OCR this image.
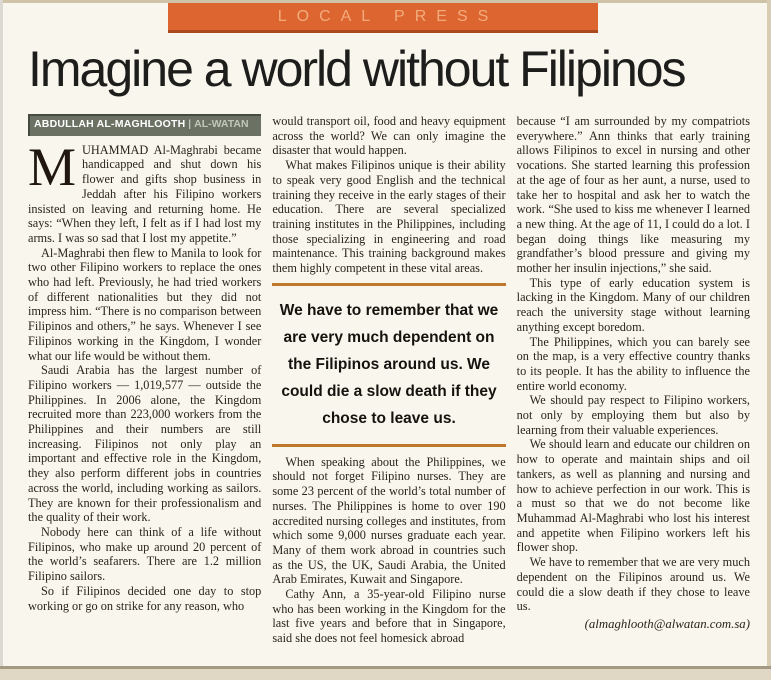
LOCAL PRESS
Imagine a world without Filipinos
ABDULLAH AL-MAGHLOOTH | AL-WATAN

MUHAMMAD Al-Maghrabi became handicapped and shut down his flower and gifts shop business in Jeddah after his Filipino workers insisted on leaving and returning home. He says: “When they left, I felt as if I had lost my arms. I was so sad that I lost my appetite.”

Al-Maghrabi then flew to Manila to look for two other Filipino workers to replace the ones who had left. Previously, he had tried workers of different nationalities but they did not impress him. “There is no comparison between Filipinos and others,” he says. Whenever I see Filipinos working in the Kingdom, I wonder what our life would be without them.

Saudi Arabia has the largest number of Filipino workers — 1,019,577 — outside the Philippines. In 2006 alone, the Kingdom recruited more than 223,000 workers from the Philippines and their numbers are still increasing. Filipinos not only play an important and effective role in the Kingdom, they also perform different jobs in countries across the world, including working as sailors. They are known for their professionalism and the quality of their work.

Nobody here can think of a life without Filipinos, who make up around 20 percent of the world’s seafarers. There are 1.2 million Filipino sailors.

So if Filipinos decided one day to stop working or go on strike for any reason, who

would transport oil, food and heavy equipment across the world? We can only imagine the disaster that would happen.

What makes Filipinos unique is their ability to speak very good English and the technical training they receive in the early stages of their education. There are several specialized training institutes in the Philippines, including those specializing in engineering and road maintenance. This training background makes them highly competent in these vital areas.

We have to remember that we are very much dependent on the Filipinos around us. We could die a slow death if they chose to leave us.

When speaking about the Philippines, we should not forget Filipino nurses. They are some 23 percent of the world’s total number of nurses. The Philippines is home to over 190 accredited nursing colleges and institutes, from which some 9,000 nurses graduate each year. Many of them work abroad in countries such as the US, the UK, Saudi Arabia, the United Arab Emirates, Kuwait and Singapore.

Cathy Ann, a 35-year-old Filipino nurse who has been working in the Kingdom for the last five years and before that in Singapore, said she does not feel homesick abroad

because “I am surrounded by my compatriots everywhere.” Ann thinks that early training allows Filipinos to excel in nursing and other vocations. She started learning this profession at the age of four as her aunt, a nurse, used to take her to hospital and ask her to watch the work. “She used to kiss me whenever I learned a new thing. At the age of 11, I could do a lot. I began doing things like measuring my grandfather’s blood pressure and giving my mother her insulin injections,” she said.

This type of early education system is lacking in the Kingdom. Many of our children reach the university stage without learning anything except boredom.

The Philippines, which you can barely see on the map, is a very effective country thanks to its people. It has the ability to influence the entire world economy.

We should pay respect to Filipino workers, not only by employing them but also by learning from their valuable experiences.

We should learn and educate our children on how to operate and maintain ships and oil tankers, as well as planning and nursing and how to achieve perfection in our work. This is a must so that we do not become like Muhammad Al-Maghrabi who lost his interest and appetite when Filipino workers left his flower shop.

We have to remember that we are very much dependent on the Filipinos around us. We could die a slow death if they chose to leave us.

(almaghlooth@alwatan.com.sa)
